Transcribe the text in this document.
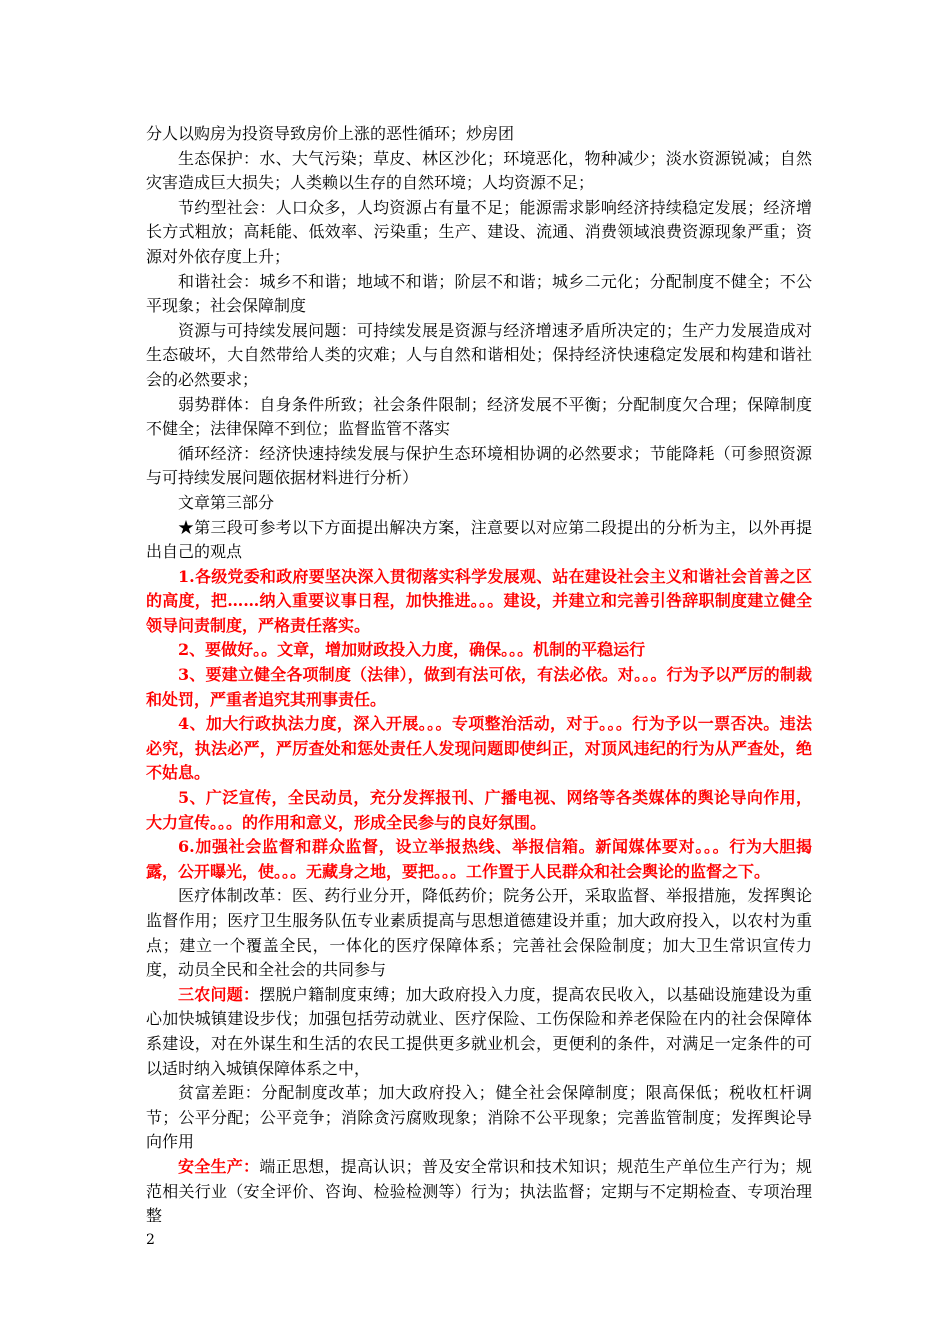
分人以购房为投资导致房价上涨的恶性循环；炒房团

生态保护：水、大气污染；草皮、林区沙化；环境恶化，物种减少；淡水资源锐减；自然灾害造成巨大损失；人类赖以生存的自然环境；人均资源不足；

节约型社会：人口众多，人均资源占有量不足；能源需求影响经济持续稳定发展；经济增长方式粗放；高耗能、低效率、污染重；生产、建设、流通、消费领域浪费资源现象严重；资源对外依存度上升；

和谐社会：城乡不和谐；地域不和谐；阶层不和谐；城乡二元化；分配制度不健全；不公平现象；社会保障制度

资源与可持续发展问题：可持续发展是资源与经济增速矛盾所决定的；生产力发展造成对生态破坏，大自然带给人类的灾难；人与自然和谐相处；保持经济快速稳定发展和构建和谐社会的必然要求；

弱势群体：自身条件所致；社会条件限制；经济发展不平衡；分配制度欠合理；保障制度不健全；法律保障不到位；监督监管不落实

循环经济：经济快速持续发展与保护生态环境相协调的必然要求；节能降耗（可参照资源与可持续发展问题依据材料进行分析）

文章第三部分

★第三段可参考以下方面提出解决方案，注意要以对应第二段提出的分析为主，以外再提出自己的观点

1.各级党委和政府要坚决深入贯彻落实科学发展观、站在建设社会主义和谐社会首善之区的高度，把……纳入重要议事日程，加快推进。。。建设，并建立和完善引咎辞职制度建立健全领导问责制度，严格责任落实。

2、要做好。。文章，增加财政投入力度，确保。。。机制的平稳运行

3、要建立健全各项制度（法律），做到有法可依，有法必依。对。。。行为予以严厉的制裁和处罚，严重者追究其刑事责任。

4、加大行政执法力度，深入开展。。。专项整治活动，对于。。。行为予以一票否决。违法必究，执法必严，严厉查处和惩处责任人发现问题即使纠正，对顶风违纪的行为从严查处，绝不姑息。

5、广泛宣传，全民动员，充分发挥报刊、广播电视、网络等各类媒体的舆论导向作用，大力宣传。。。的作用和意义，形成全民参与的良好氛围。

6.加强社会监督和群众监督，设立举报热线、举报信箱。新闻媒体要对。。。行为大胆揭露，公开曝光，使。。。无藏身之地，要把。。。工作置于人民群众和社会舆论的监督之下。

医疗体制改革：医、药行业分开，降低药价；院务公开，采取监督、举报措施，发挥舆论监督作用；医疗卫生服务队伍专业素质提高与思想道德建设并重；加大政府投入，以农村为重点；建立一个覆盖全民，一体化的医疗保障体系；完善社会保险制度；加大卫生常识宣传力度，动员全民和全社会的共同参与

三农问题：摆脱户籍制度束缚；加大政府投入力度，提高农民收入，以基础设施建设为重心加快城镇建设步伐；加强包括劳动就业、医疗保险、工伤保险和养老保险在内的社会保障体系建设，对在外谋生和生活的农民工提供更多就业机会，更便利的条件，对满足一定条件的可以适时纳入城镇保障体系之中，

贫富差距：分配制度改革；加大政府投入；健全社会保障制度；限高保低；税收杠杆调节；公平分配；公平竞争；消除贪污腐败现象；消除不公平现象；完善监管制度；发挥舆论导向作用

安全生产：端正思想，提高认识；普及安全常识和技术知识；规范生产单位生产行为；规范相关行业（安全评价、咨询、检验检测等）行为；执法监督；定期与不定期检查、专项治理整

2
